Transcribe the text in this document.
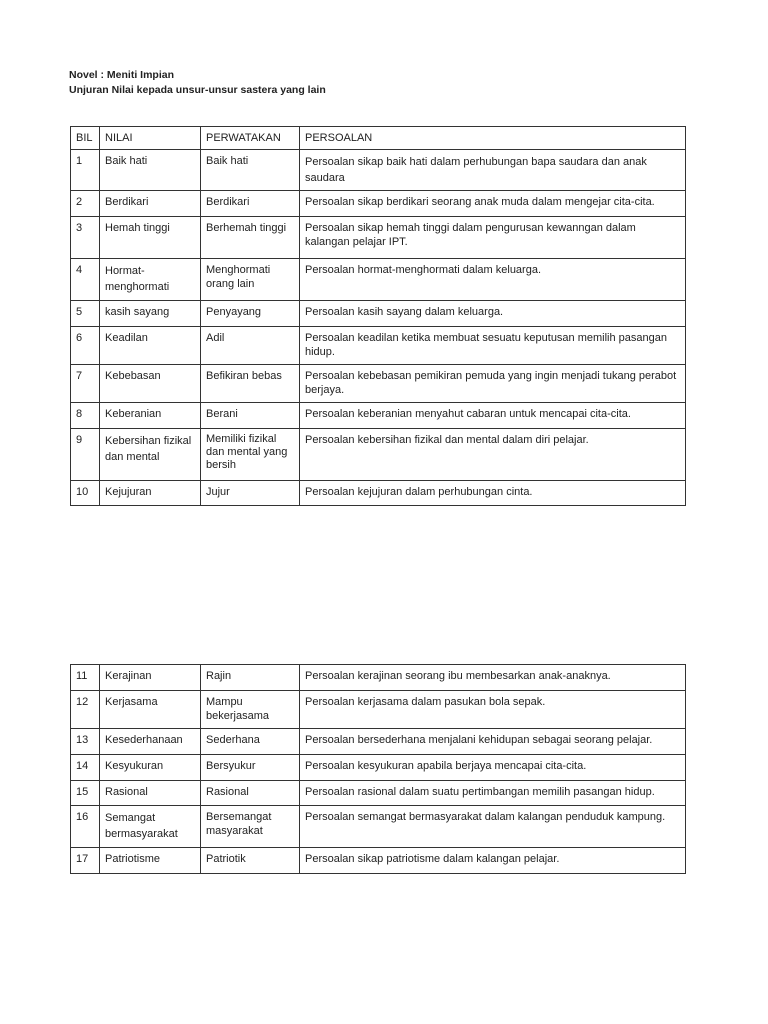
Novel : Meniti Impian
Unjuran Nilai kepada unsur-unsur sastera yang lain
BIL	NILAI	PERWATAKAN	PERSOALAN
1	Baik hati	Baik hati	Persoalan sikap baik hati dalam perhubungan bapa saudara dan anak saudara
2	Berdikari	Berdikari	Persoalan sikap berdikari seorang anak muda dalam mengejar cita-cita.
3	Hemah tinggi	Berhemah tinggi	Persoalan sikap hemah tinggi dalam pengurusan kewanngan dalam kalangan pelajar IPT.
4	Hormat-menghormati	Menghormati orang lain	Persoalan hormat-menghormati dalam keluarga.
5	kasih sayang	Penyayang	Persoalan kasih sayang dalam keluarga.
6	Keadilan	Adil	Persoalan keadilan ketika membuat sesuatu keputusan memilih pasangan hidup.
7	Kebebasan	Befikiran bebas	Persoalan kebebasan pemikiran pemuda yang ingin menjadi tukang perabot berjaya.
8	Keberanian	Berani	Persoalan keberanian menyahut cabaran untuk mencapai cita-cita.
9	Kebersihan fizikal dan mental	Memiliki fizikal dan mental yang bersih	Persoalan kebersihan fizikal dan mental dalam diri pelajar.
10	Kejujuran	Jujur	Persoalan kejujuran dalam perhubungan cinta.
11	Kerajinan	Rajin	Persoalan kerajinan seorang ibu membesarkan anak-anaknya.
12	Kerjasama	Mampu bekerjasama	Persoalan kerjasama dalam pasukan bola sepak.
13	Kesederhanaan	Sederhana	Persoalan bersederhana menjalani kehidupan sebagai seorang pelajar.
14	Kesyukuran	Bersyukur	Persoalan kesyukuran apabila berjaya mencapai cita-cita.
15	Rasional	Rasional	Persoalan rasional dalam suatu pertimbangan memilih pasangan hidup.
16	Semangat bermasyarakat	Bersemangat masyarakat	Persoalan semangat bermasyarakat dalam kalangan penduduk kampung.
17	Patriotisme	Patriotik	Persoalan sikap patriotisme dalam kalangan pelajar.
